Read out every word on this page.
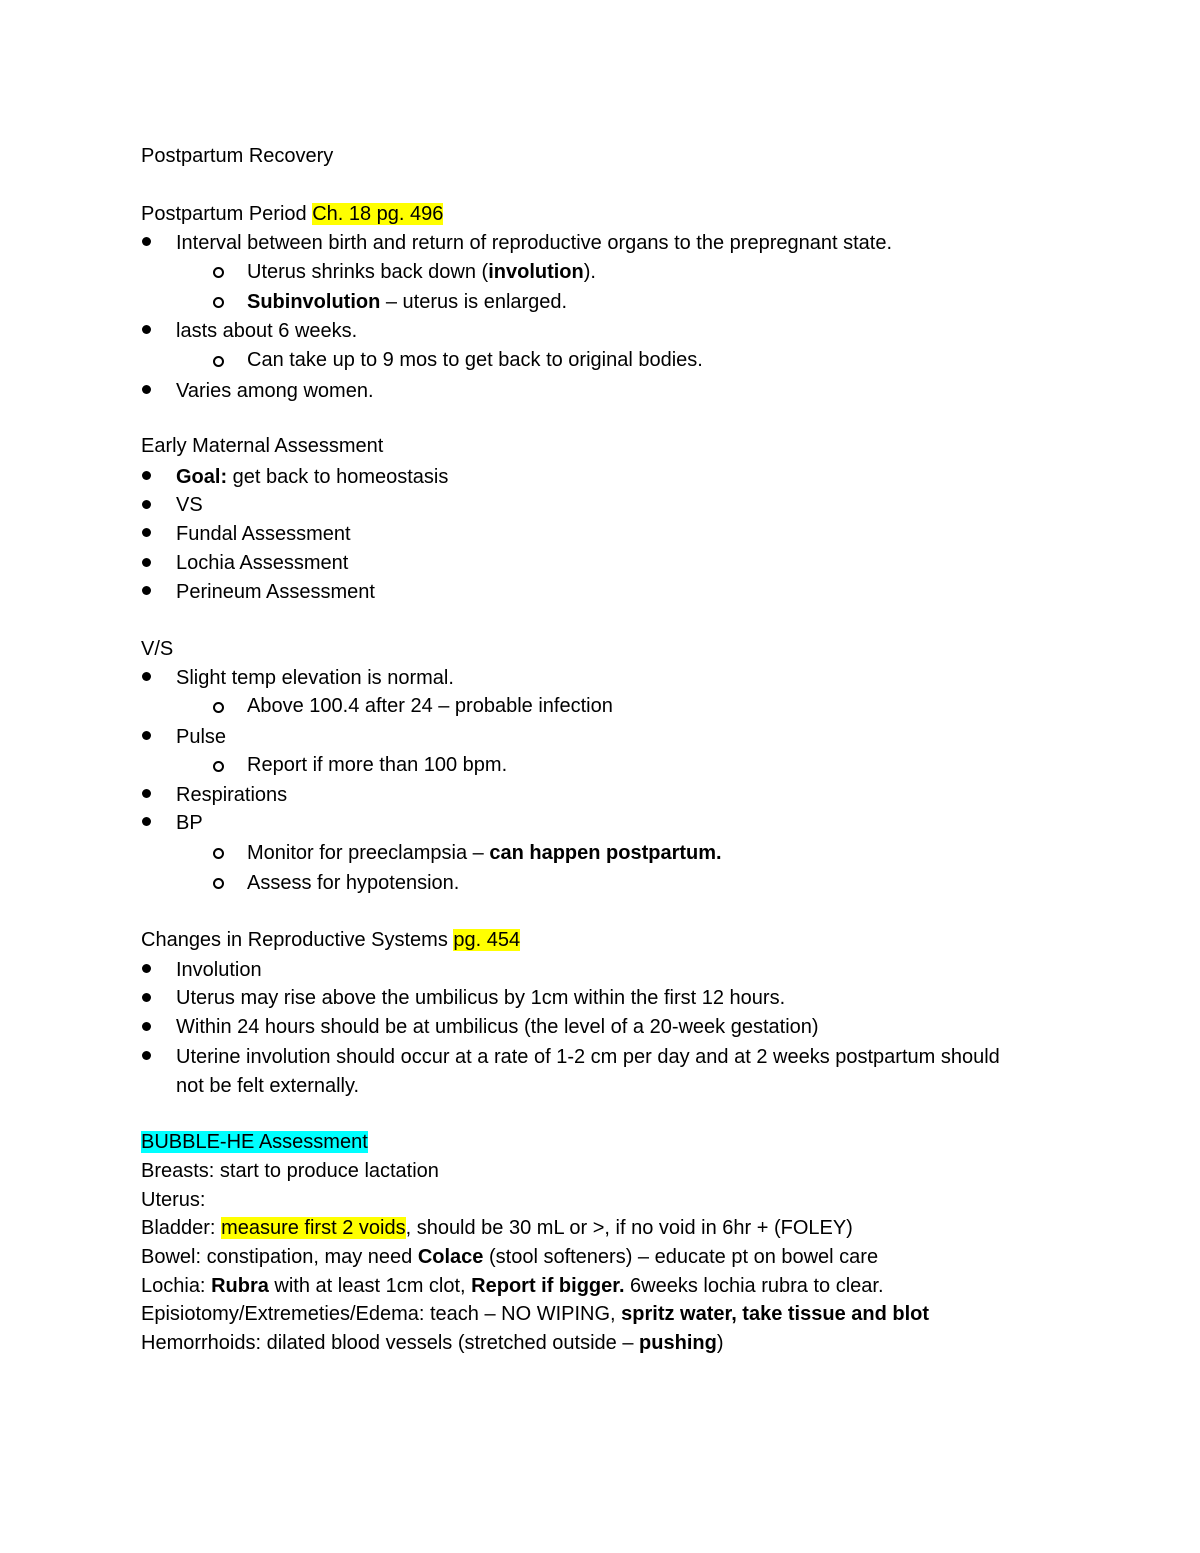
Postpartum Recovery
Postpartum Period Ch. 18 pg. 496
Interval between birth and return of reproductive organs to the prepregnant state.
Uterus shrinks back down (involution).
Subinvolution – uterus is enlarged.
lasts about 6 weeks.
Can take up to 9 mos to get back to original bodies.
Varies among women.
Early Maternal Assessment
Goal: get back to homeostasis
VS
Fundal Assessment
Lochia Assessment
Perineum Assessment
V/S
Slight temp elevation is normal.
Above 100.4 after 24 – probable infection
Pulse
Report if more than 100 bpm.
Respirations
BP
Monitor for preeclampsia – can happen postpartum.
Assess for hypotension.
Changes in Reproductive Systems pg. 454
Involution
Uterus may rise above the umbilicus by 1cm within the first 12 hours.
Within 24 hours should be at umbilicus (the level of a 20-week gestation)
Uterine involution should occur at a rate of 1-2 cm per day and at 2 weeks postpartum should not be felt externally.
BUBBLE-HE Assessment
Breasts: start to produce lactation
Uterus:
Bladder: measure first 2 voids, should be 30 mL or >, if no void in 6hr + (FOLEY)
Bowel: constipation, may need Colace (stool softeners) – educate pt on bowel care
Lochia: Rubra with at least 1cm clot, Report if bigger. 6weeks lochia rubra to clear.
Episiotomy/Extremeties/Edema: teach – NO WIPING, spritz water, take tissue and blot
Hemorrhoids: dilated blood vessels (stretched outside – pushing)
